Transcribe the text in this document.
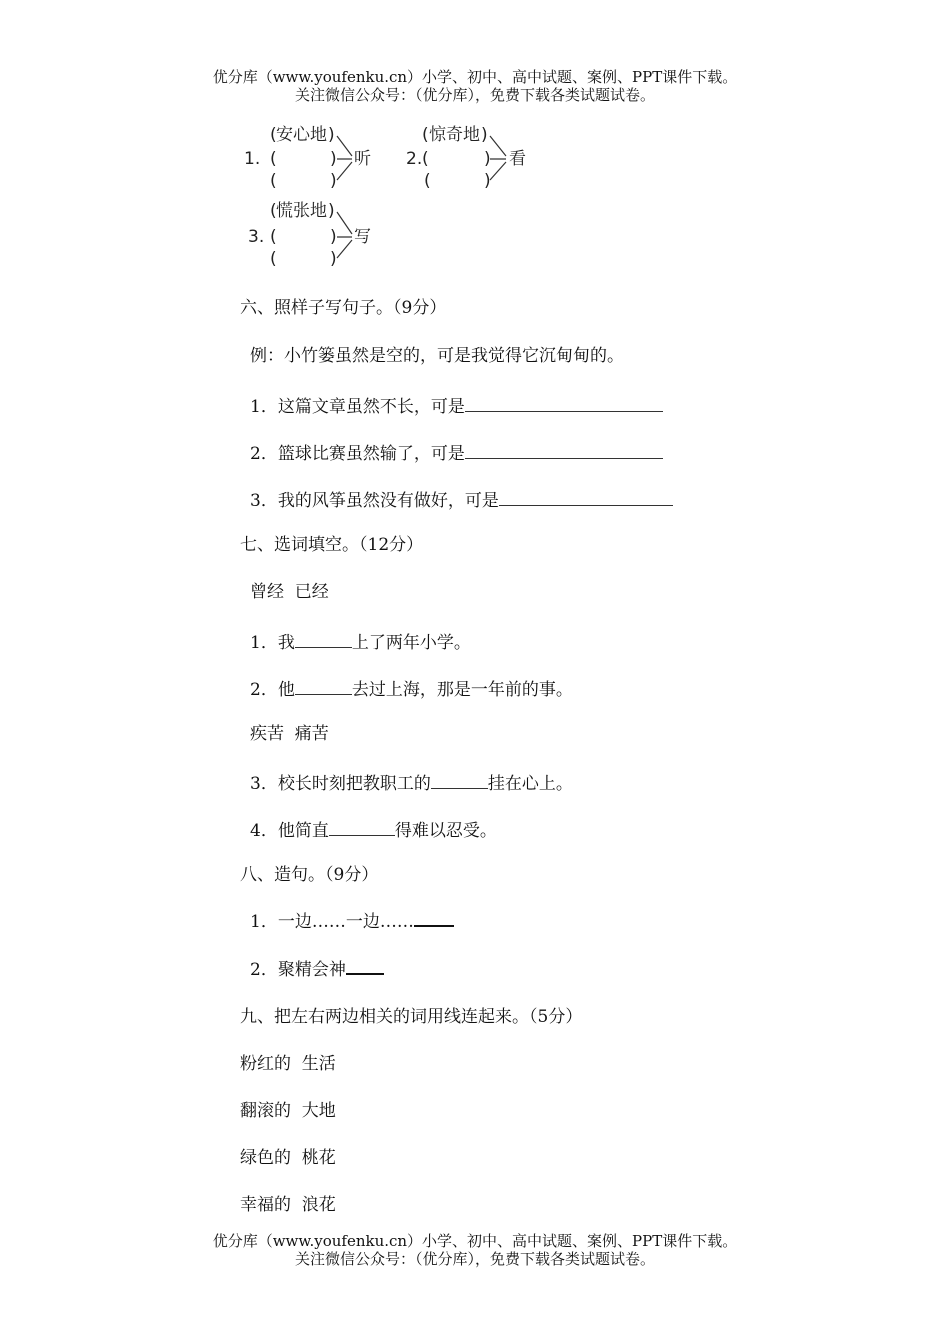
优分库（www.youfenku.cn）小学、初中、高中试题、案例、PPT课件下载。
关注微信公众号：（优分库），免费下载各类试题试卷。
( 安心地 )
1. (	)
(	)
听
( 惊奇地 )
2. (	)
(	)
看
( 慌张地 )
3. (	)
(	)
写
六、照样子写句子。（9分）
例：小竹篓虽然是空的，可是我觉得它沉甸甸的。
1．这篇文章虽然不长，可是
2．篮球比赛虽然输了，可是
3．我的风筝虽然没有做好，可是
七、选词填空。（12分）
曾经  已经
1．我	上了两年小学。
2．他	去过上海，那是一年前的事。
疾苦  痛苦
3．校长时刻把教职工的	挂在心上。
4．他简直	得难以忍受。
八、造句。（9分）
1．一边……一边……
2．聚精会神
九、把左右两边相关的词用线连起来。（5分）
粉红的  生活
翻滚的  大地
绿色的  桃花
幸福的  浪花
优分库（www.youfenku.cn）小学、初中、高中试题、案例、PPT课件下载。
关注微信公众号：（优分库），免费下载各类试题试卷。
